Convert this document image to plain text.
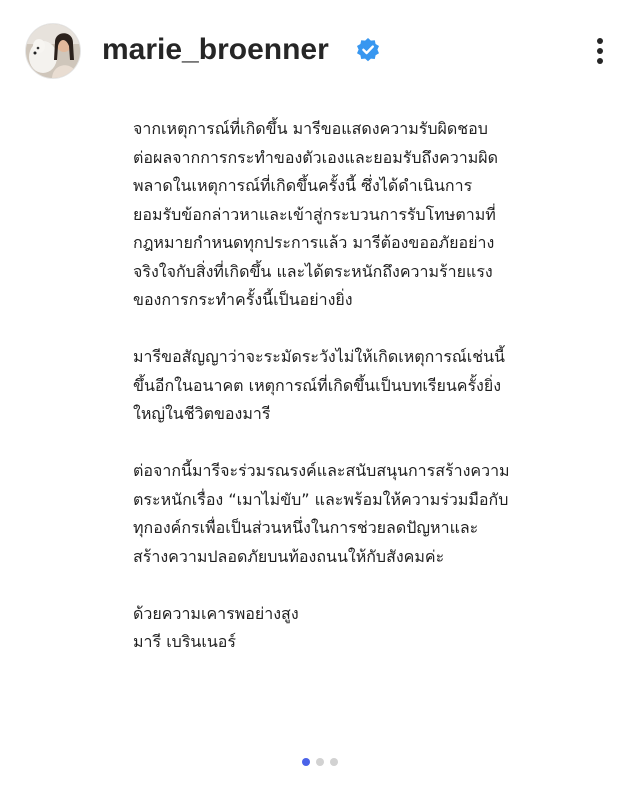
marie_broenner

จากเหตุการณ์ที่เกิดขึ้น มารีขอแสดงความรับผิดชอบ
ต่อผลจากการกระทำของตัวเองและยอมรับถึงความผิด
พลาดในเหตุการณ์ที่เกิดขึ้นครั้งนี้ ซึ่งได้ดำเนินการ
ยอมรับข้อกล่าวหาและเข้าสู่กระบวนการรับโทษตามที่
กฎหมายกำหนดทุกประการแล้ว มารีต้องขออภัยอย่าง
จริงใจกับสิ่งที่เกิดขึ้น และได้ตระหนักถึงความร้ายแรง
ของการกระทำครั้งนี้เป็นอย่างยิ่ง

มารีขอสัญญาว่าจะระมัดระวังไม่ให้เกิดเหตุการณ์เช่นนี้
ขึ้นอีกในอนาคต เหตุการณ์ที่เกิดขึ้นเป็นบทเรียนครั้งยิ่ง
ใหญ่ในชีวิตของมารี

ต่อจากนี้มารีจะร่วมรณรงค์และสนับสนุนการสร้างความ
ตระหนักเรื่อง “เมาไม่ขับ” และพร้อมให้ความร่วมมือกับ
ทุกองค์กรเพื่อเป็นส่วนหนึ่งในการช่วยลดปัญหาและ
สร้างความปลอดภัยบนท้องถนนให้กับสังคมค่ะ

ด้วยความเคารพอย่างสูง
มารี เบรินเนอร์
